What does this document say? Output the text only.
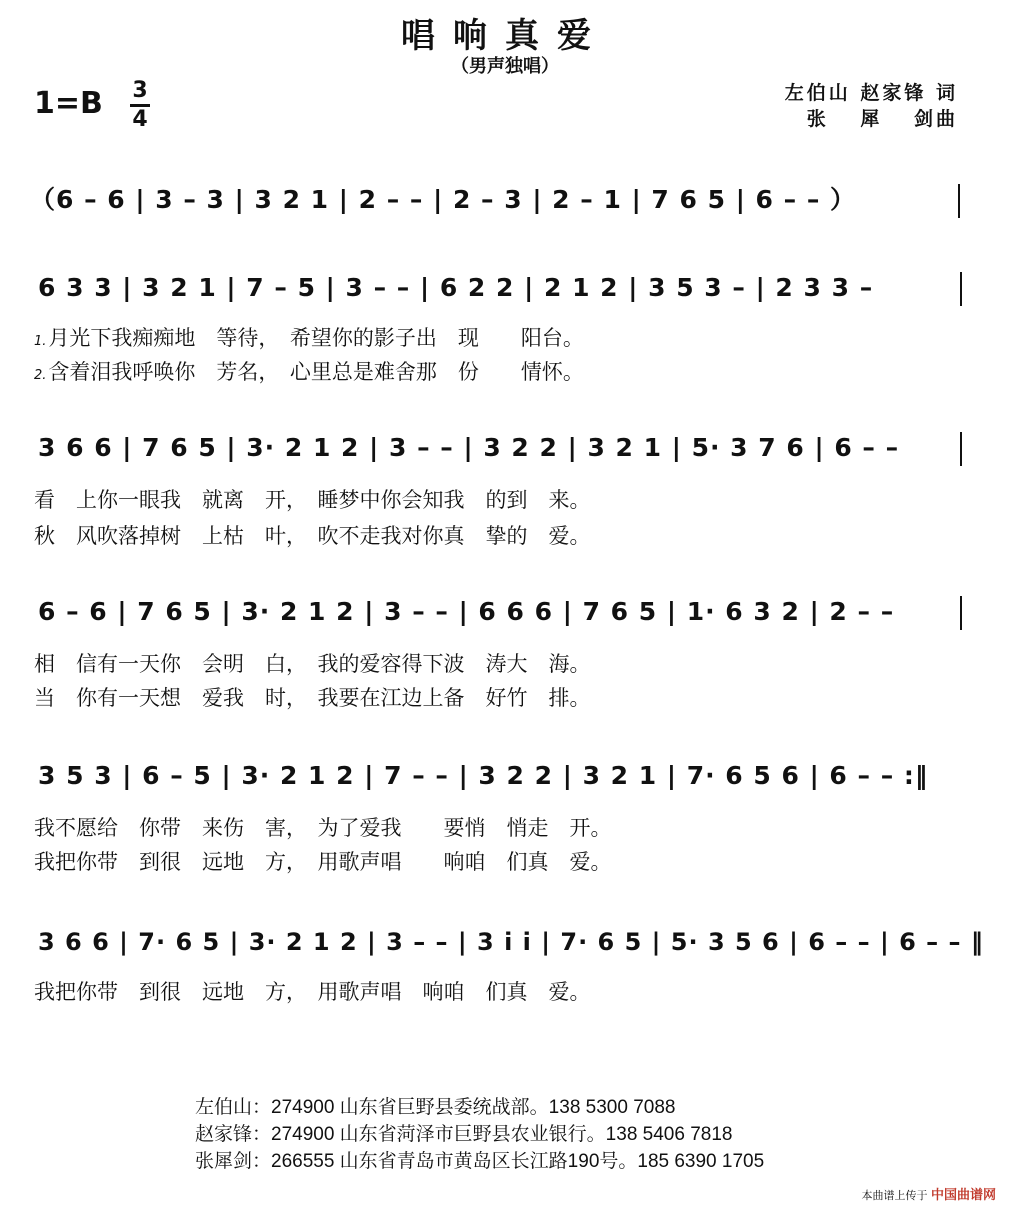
唱响真爱
（男声独唱）
1=B 3
4
左伯山 赵家锋 词
张　 犀 　剑曲
（6 – 6 | 3 – 3 | 3 2 1 | 2 – – | 2 – 3 | 2 – 1 | 7 6 5 | 6 – – ）
6 3 3 | 3 2 1 | 7 – 5 | 3 – – | 6 2 2 | 2 1 2 | 3 5 3 – | 2 3 3 –
1.月光下我痴痴地　等待，　希望你的影子出　现　　阳台。
2.含着泪我呼唤你　芳名，　心里总是难舍那　份　　情怀。
3 6 6 | 7 6 5 | 3· 2 1 2 | 3 – – | 3 2 2 | 3 2 1 | 5· 3 7 6 | 6 – –
看　上你一眼我　就离　开，　睡梦中你会知我　的到　来。
秋　风吹落掉树　上枯　叶，　吹不走我对你真　挚的　爱。
6 – 6 | 7 6 5 | 3· 2 1 2 | 3 – – | 6 6 6 | 7 6 5 | 1· 6 3 2 | 2 – –
相　信有一天你　会明　白，　我的爱容得下波　涛大　海。
当　你有一天想　爱我　时，　我要在江边上备　好竹　排。
3 5 3 | 6 – 5 | 3· 2 1 2 | 7 – – | 3 2 2 | 3 2 1 | 7· 6 5 6 | 6 – – :‖
我不愿给　你带　来伤　害，　为了爱我　　要悄　悄走　开。
我把你带　到很　远地　方，　用歌声唱　　响咱　们真　爱。
3 6 6 | 7· 6 5 | 3· 2 1 2 | 3 – – | 3 i i | 7· 6 5 | 5· 3 5 6 | 6 – – | 6 – – ‖
我把你带　到很　远地　方，　用歌声唱　响咱　们真　爱。
左伯山：274900 山东省巨野县委统战部。138 5300 7088
赵家锋：274900 山东省菏泽市巨野县农业银行。138 5406 7818
张犀剑：266555 山东省青岛市黄岛区长江路190号。185 6390 1705
本曲谱上传于 中国曲谱网
